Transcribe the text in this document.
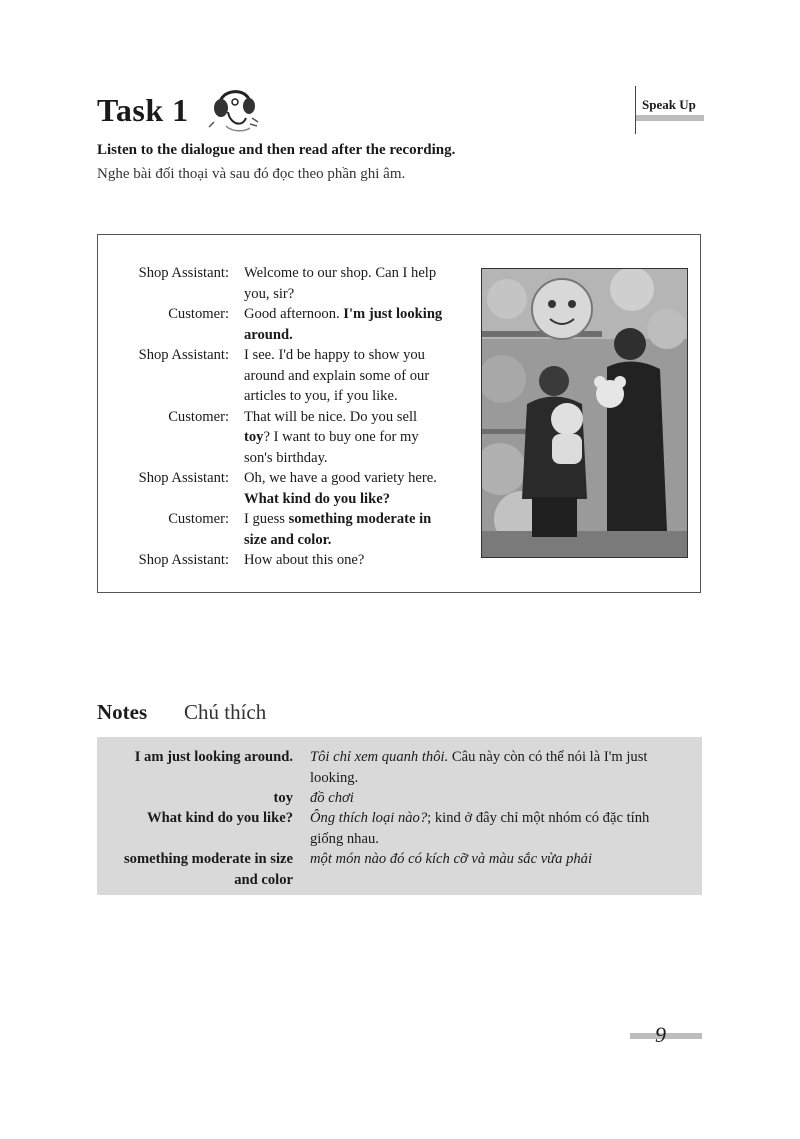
Task 1	Speak Up
Listen to the dialogue and then read after the recording.
Nghe bài đối thoại và sau đó đọc theo phần ghi âm.
Shop Assistant:	Welcome to our shop. Can I help
you, sir?
Customer:	Good afternoon. I'm just looking
around.
Shop Assistant:	I see. I'd be happy to show you
around and explain some of our
articles to you, if you like.
Customer:	That will be nice. Do you sell
toy? I want to buy one for my
son's birthday.
Shop Assistant:	Oh, we have a good variety here.
What kind do you like?
Customer:	I guess something moderate in
size and color.
Shop Assistant:	How about this one?
Notes Chú thích
I am just looking around. Tôi chỉ xem quanh thôi. Câu này còn có thể nói là I'm just
looking.
toy đồ chơi
What kind do you like? Ông thích loại nào?; kind ở đây chỉ một nhóm có đặc tính
giống nhau.
something moderate in size
and color
một món nào đó có kích cỡ và màu sắc vừa phải
9
